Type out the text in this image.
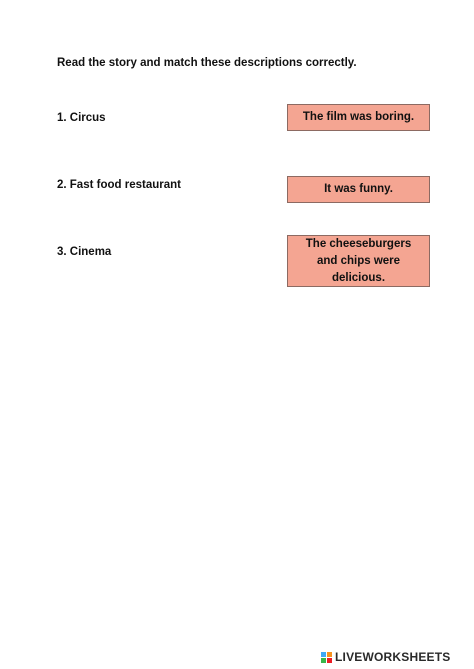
Read the story and match these descriptions correctly.
1. Circus
2. Fast food restaurant
3. Cinema
The film was boring.
It was funny.
The cheeseburgers and chips were delicious.
LIVEWORKSHEETS
